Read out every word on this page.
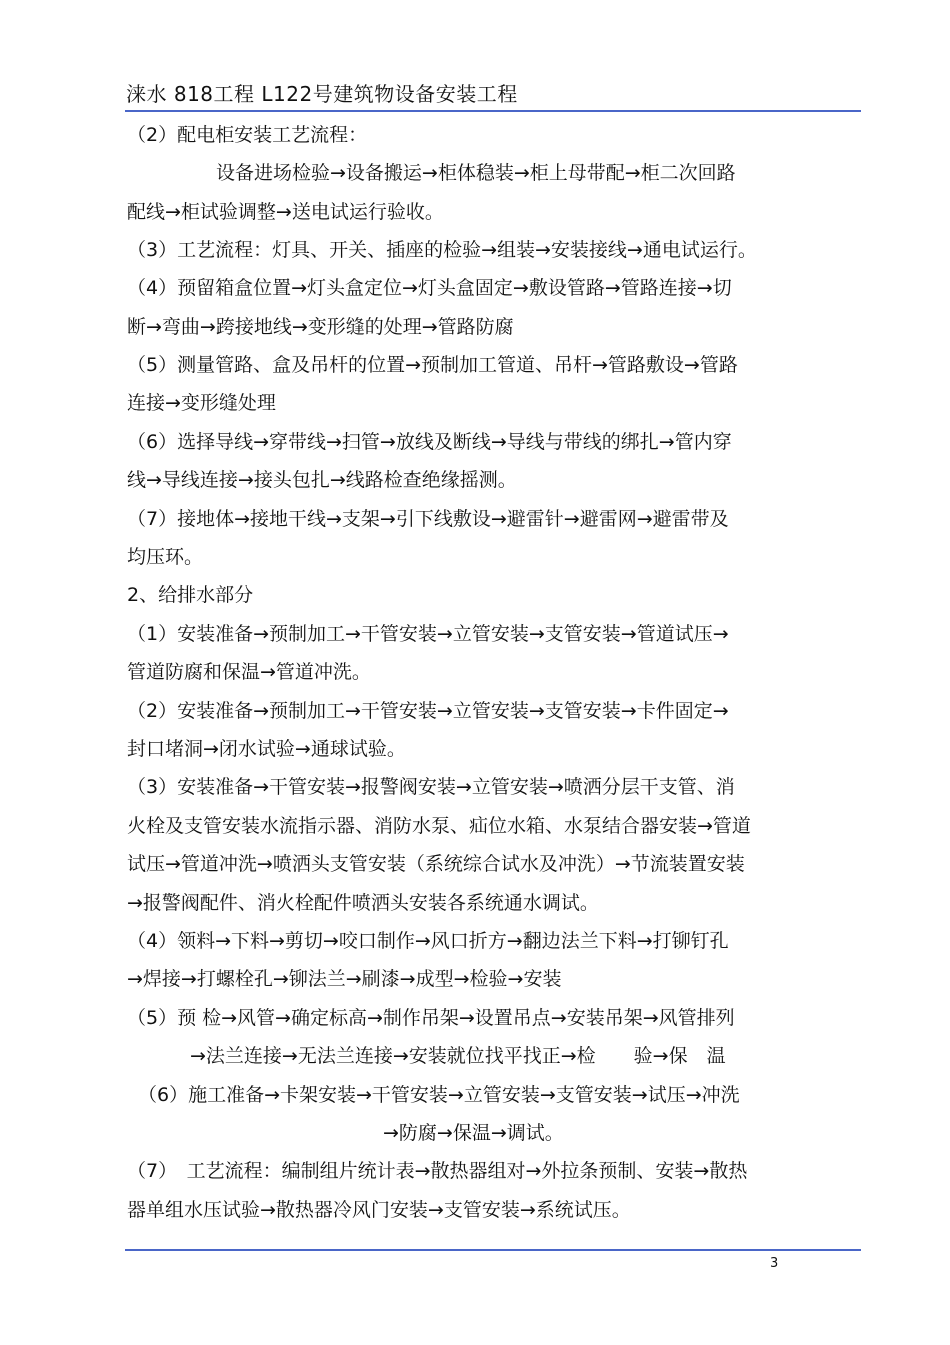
涞水 818工程 L122号建筑物设备安装工程
（2）配电柜安装工艺流程：
设备进场检验→设备搬运→柜体稳装→柜上母带配→柜二次回路
配线→柜试验调整→送电试运行验收。
（3）工艺流程：灯具、开关、插座的检验→组装→安装接线→通电试运行。
（4）预留箱盒位置→灯头盒定位→灯头盒固定→敷设管路→管路连接→切
断→弯曲→跨接地线→变形缝的处理→管路防腐
（5）测量管路、盒及吊杆的位置→预制加工管道、吊杆→管路敷设→管路
连接→变形缝处理
（6）选择导线→穿带线→扫管→放线及断线→导线与带线的绑扎→管内穿
线→导线连接→接头包扎→线路检查绝缘摇测。
（7）接地体→接地干线→支架→引下线敷设→避雷针→避雷网→避雷带及
均压环。
2、给排水部分
（1）安装准备→预制加工→干管安装→立管安装→支管安装→管道试压→
管道防腐和保温→管道冲洗。
（2）安装准备→预制加工→干管安装→立管安装→支管安装→卡件固定→
封口堵洞→闭水试验→通球试验。
（3）安装准备→干管安装→报警阀安装→立管安装→喷洒分层干支管、消
火栓及支管安装水流指示器、消防水泵、疝位水箱、水泵结合器安装→管道
试压→管道冲洗→喷洒头支管安装（系统综合试水及冲洗）→节流装置安装
→报警阀配件、消火栓配件喷洒头安装各系统通水调试。
（4）领料→下料→剪切→咬口制作→风口折方→翻边法兰下料→打铆钉孔
→焊接→打螺栓孔→铆法兰→刷漆→成型→检验→安装
（5）预 检→风管→确定标高→制作吊架→设置吊点→安装吊架→风管排列
→法兰连接→无法兰连接→安装就位找平找正→检　　验→保　温
（6）施工准备→卡架安装→干管安装→立管安装→支管安装→试压→冲洗
→防腐→保温→调试。
（7）　工艺流程：编制组片统计表→散热器组对→外拉条预制、安装→散热
器单组水压试验→散热器冷风门安装→支管安装→系统试压。
3
